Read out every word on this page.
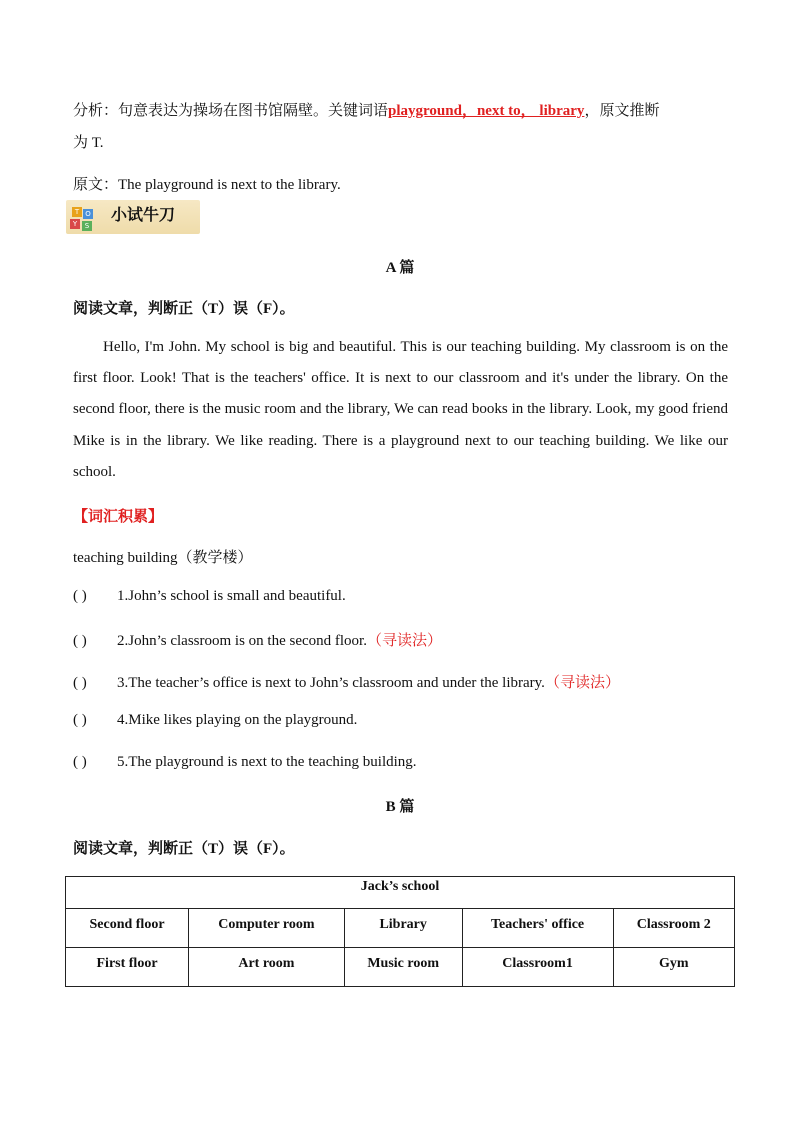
分析：句意表达为操场在图书馆隔壁。关键词语playground，next to， library，原文推断
为 T.
原文：The playground is next to the library.
T O
Y	S
小试牛刀
A 篇
阅读文章，判断正（T）误（F）。
Hello, I'm John. My school is big and beautiful. This is our teaching building. My classroom is on the first floor. Look! That is the teachers' office. It is next to our classroom and it's under the library. On the second floor, there is the music room and the library, We can read books in the library. Look, my good friend Mike is in the library. We like reading. There is a playground next to our teaching building. We like our school.
【词汇积累】
teaching building（教学楼）
( ) 1.John’s school is small and beautiful.
( ) 2.John’s classroom is on the second floor.（寻读法）
( ) 3.The teacher’s office is next to John’s classroom and under the library.（寻读法）
( ) 4.Mike likes playing on the playground.
( ) 5.The playground is next to the teaching building.
B 篇
阅读文章，判断正（T）误（F）。
Jack’s school				
Second floor	Computer room	Library	Teachers' office	Classroom 2
First floor	Art room	Music room	Classroom1	Gym
